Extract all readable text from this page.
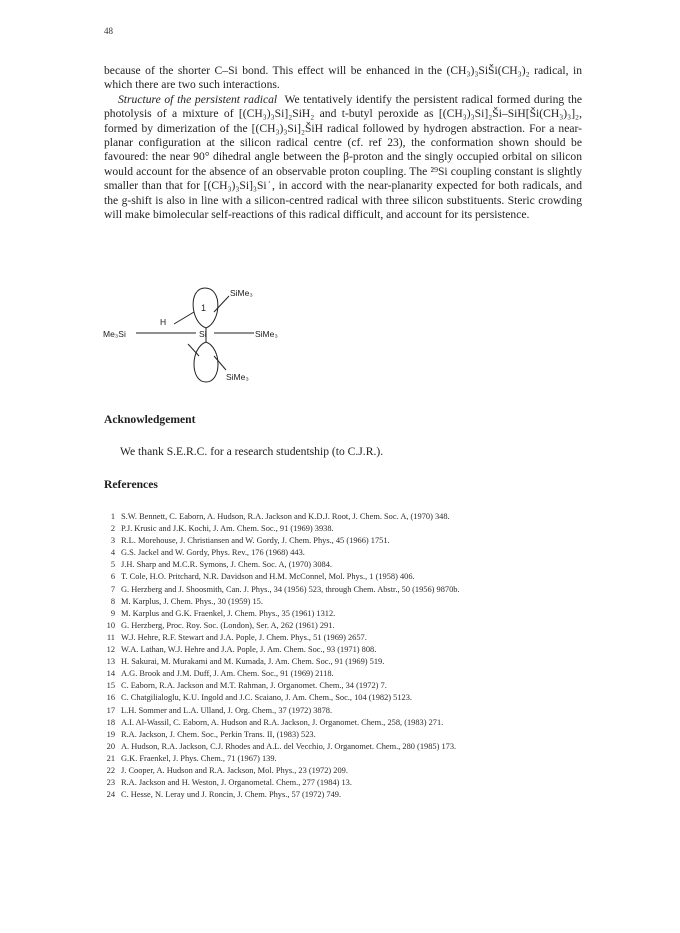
48

because of the shorter C–Si bond. This effect will be enhanced in the (CH₃)₃SiŠi(CH₃)₂ radical, in which there are two such interactions.

Structure of the persistent radical We tentatively identify the persistent radical formed during the photolysis of a mixture of [(CH₃)₃Si]₂SiH₂ and t-butyl peroxide as [(CH₃)₃Si]₂Ši–SiH[Ši(CH₃)₃]₂, formed by dimerization of the [(CH₃)₃Si]₂ŠiH radical followed by hydrogen abstraction. For a near-planar configuration at the silicon radical centre (cf. ref 23), the conformation shown should be favoured: the near 90° dihedral angle between the β-proton and the singly occupied orbital on silicon would account for the absence of an observable proton coupling. The ²⁹Si coupling constant is slightly smaller than that for [(CH₃)₃Si]₃Si˙, in accord with the near-planarity expected for both radicals, and the g-shift is also in line with a silicon-centred radical with three silicon substituents. Steric crowding will make bimolecular self-reactions of this radical difficult, and account for its persistence.

1
SiMe₃
H
Me₃Si	Si	SiMe₃
SiMe₃
Acknowledgement
We thank S.E.R.C. for a research studentship (to C.J.R.).
References
1 S.W. Bennett, C. Eaborn, A. Hudson, R.A. Jackson and K.D.J. Root, J. Chem. Soc. A, (1970) 348.
2 P.J. Krusic and J.K. Kochi, J. Am. Chem. Soc., 91 (1969) 3938.
3 R.L. Morehouse, J. Christiansen and W. Gordy, J. Chem. Phys., 45 (1966) 1751.
4 G.S. Jackel and W. Gordy, Phys. Rev., 176 (1968) 443.
5 J.H. Sharp and M.C.R. Symons, J. Chem. Soc. A, (1970) 3084.
6 T. Cole, H.O. Pritchard, N.R. Davidson and H.M. McConnel, Mol. Phys., 1 (1958) 406.
7 G. Herzberg and J. Shoosmith, Can. J. Phys., 34 (1956) 523, through Chem. Abstr., 50 (1956) 9870b.
8 M. Karplus, J. Chem. Phys., 30 (1959) 15.
9 M. Karplus and G.K. Fraenkel, J. Chem. Phys., 35 (1961) 1312.
10 G. Herzberg, Proc. Roy. Soc. (London), Ser. A, 262 (1961) 291.
11 W.J. Hehre, R.F. Stewart and J.A. Pople, J. Chem. Phys., 51 (1969) 2657.
12 W.A. Lathan, W.J. Hehre and J.A. Pople, J. Am. Chem. Soc., 93 (1971) 808.
13 H. Sakurai, M. Murakami and M. Kumada, J. Am. Chem. Soc., 91 (1969) 519.
14 A.G. Brook and J.M. Duff, J. Am. Chem. Soc., 91 (1969) 2118.
15 C. Eaborn, R.A. Jackson and M.T. Rahman, J. Organomet. Chem., 34 (1972) 7.
16 C. Chatgilialoglu, K.U. Ingold and J.C. Scaiano, J. Am. Chem., Soc., 104 (1982) 5123.
17 L.H. Sommer and L.A. Ulland, J. Org. Chem., 37 (1972) 3878.
18 A.I. Al-Wassil, C. Eaborn, A. Hudson and R.A. Jackson, J. Organomet. Chem., 258, (1983) 271.
19 R.A. Jackson, J. Chem. Soc., Perkin Trans. II, (1983) 523.
20 A. Hudson, R.A. Jackson, C.J. Rhodes and A.L. del Vecchio, J. Organomet. Chem., 280 (1985) 173.
21 G.K. Fraenkel, J. Phys. Chem., 71 (1967) 139.
22 J. Cooper, A. Hudson and R.A. Jackson, Mol. Phys., 23 (1972) 209.
23 R.A. Jackson and H. Weston, J. Organometal. Chem., 277 (1984) 13.
24 C. Hesse, N. Leray und J. Roncin, J. Chem. Phys., 57 (1972) 749.
